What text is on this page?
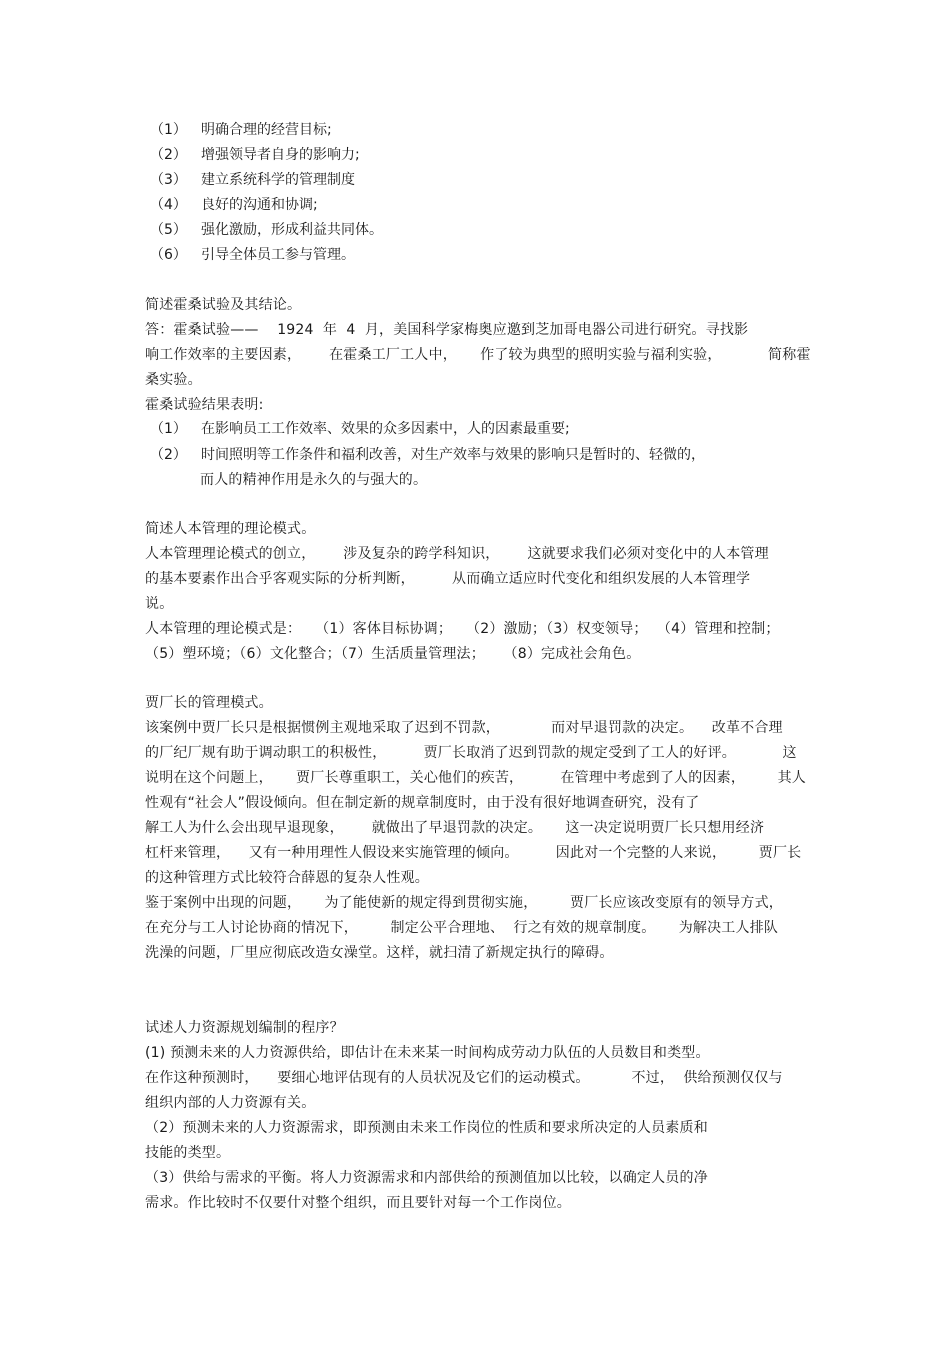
（1） 明确合理的经营目标;
（2） 增强领导者自身的影响力;
（3） 建立系统科学的管理制度
（4） 良好的沟通和协调;
（5） 强化激励，形成利益共同体。
（6） 引导全体员工参与管理。
简述霍桑试验及其结论。
答：霍桑试验——    1924  年  4  月，美国科学家梅奥应邀到芝加哥电器公司进行研究。寻找影
响工作效率的主要因素，      在霍桑工厂工人中，     作了较为典型的照明实验与福利实验，          简称霍
桑实验。
霍桑试验结果表明:
（1） 在影响员工工作效率、效果的众多因素中，人的因素最重要;
（2） 时间照明等工作条件和福利改善，对生产效率与效果的影响只是暂时的、轻微的，
而人的精神作用是永久的与强大的。
简述人本管理的理论模式。
人本管理理论模式的创立，      涉及复杂的跨学科知识，      这就要求我们必须对变化中的人本管理
的基本要素作出合乎客观实际的分析判断，        从而确立适应时代变化和组织发展的人本管理学
说。
人本管理的理论模式是：   （1）客体目标协调；   （2）激励；（3）权变领导；  （4）管理和控制；
（5）塑环境；（6）文化整合；（7）生活质量管理法；    （8）完成社会角色。
贾厂长的管理模式。
该案例中贾厂长只是根据惯例主观地采取了迟到不罚款，           而对早退罚款的决定。    改革不合理
的厂纪厂规有助于调动职工的积极性，        贾厂长取消了迟到罚款的规定受到了工人的好评。          这
说明在这个问题上，     贾厂长尊重职工，关心他们的疾苦，        在管理中考虑到了人的因素，       其人
性观有“社会人”假设倾向。但在制定新的规章制度时，由于没有很好地调查研究，没有了
解工人为什么会出现早退现象，      就做出了早退罚款的决定。     这一决定说明贾厂长只想用经济
杠杆来管理，    又有一种用理性人假设来实施管理的倾向。        因此对一个完整的人来说，       贾厂长
的这种管理方式比较符合薛恩的复杂人性观。
鉴于案例中出现的问题，     为了能使新的规定得到贯彻实施，       贾厂长应该改变原有的领导方式，
在充分与工人讨论协商的情况下，       制定公平合理地、  行之有效的规章制度。     为解决工人排队
洗澡的问题，厂里应彻底改造女澡堂。这样，就扫清了新规定执行的障碍。
试述人力资源规划编制的程序？
(1) 预测未来的人力资源供给，即估计在未来某一时间构成劳动力队伍的人员数目和类型。
在作这种预测时，    要细心地评估现有的人员状况及它们的运动模式。         不过，  供给预测仅仅与
组织内部的人力资源有关。
（2）预测未来的人力资源需求，即预测由未来工作岗位的性质和要求所决定的人员素质和
技能的类型。
（3）供给与需求的平衡。将人力资源需求和内部供给的预测值加以比较，以确定人员的净
需求。作比较时不仅要什对整个组织，而且要针对每一个工作岗位。
